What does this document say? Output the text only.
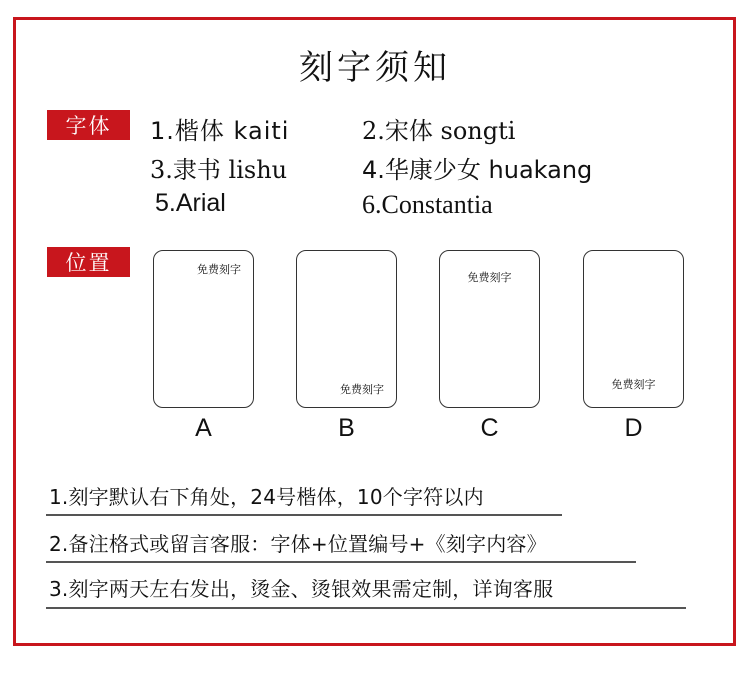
刻字须知
字体	1.楷体 kaiti	2.宋体 songti
3.隶书 lishu	4.华康少女 huakang
5.Arial	6.Constantia
位置	免费刻字
免费刻字
免费刻字
免费刻字
A	B	C	D
1.刻字默认右下角处，24号楷体，10个字符以内
2.备注格式或留言客服：字体+位置编号+《刻字内容》
3.刻字两天左右发出，烫金、烫银效果需定制，详询客服
